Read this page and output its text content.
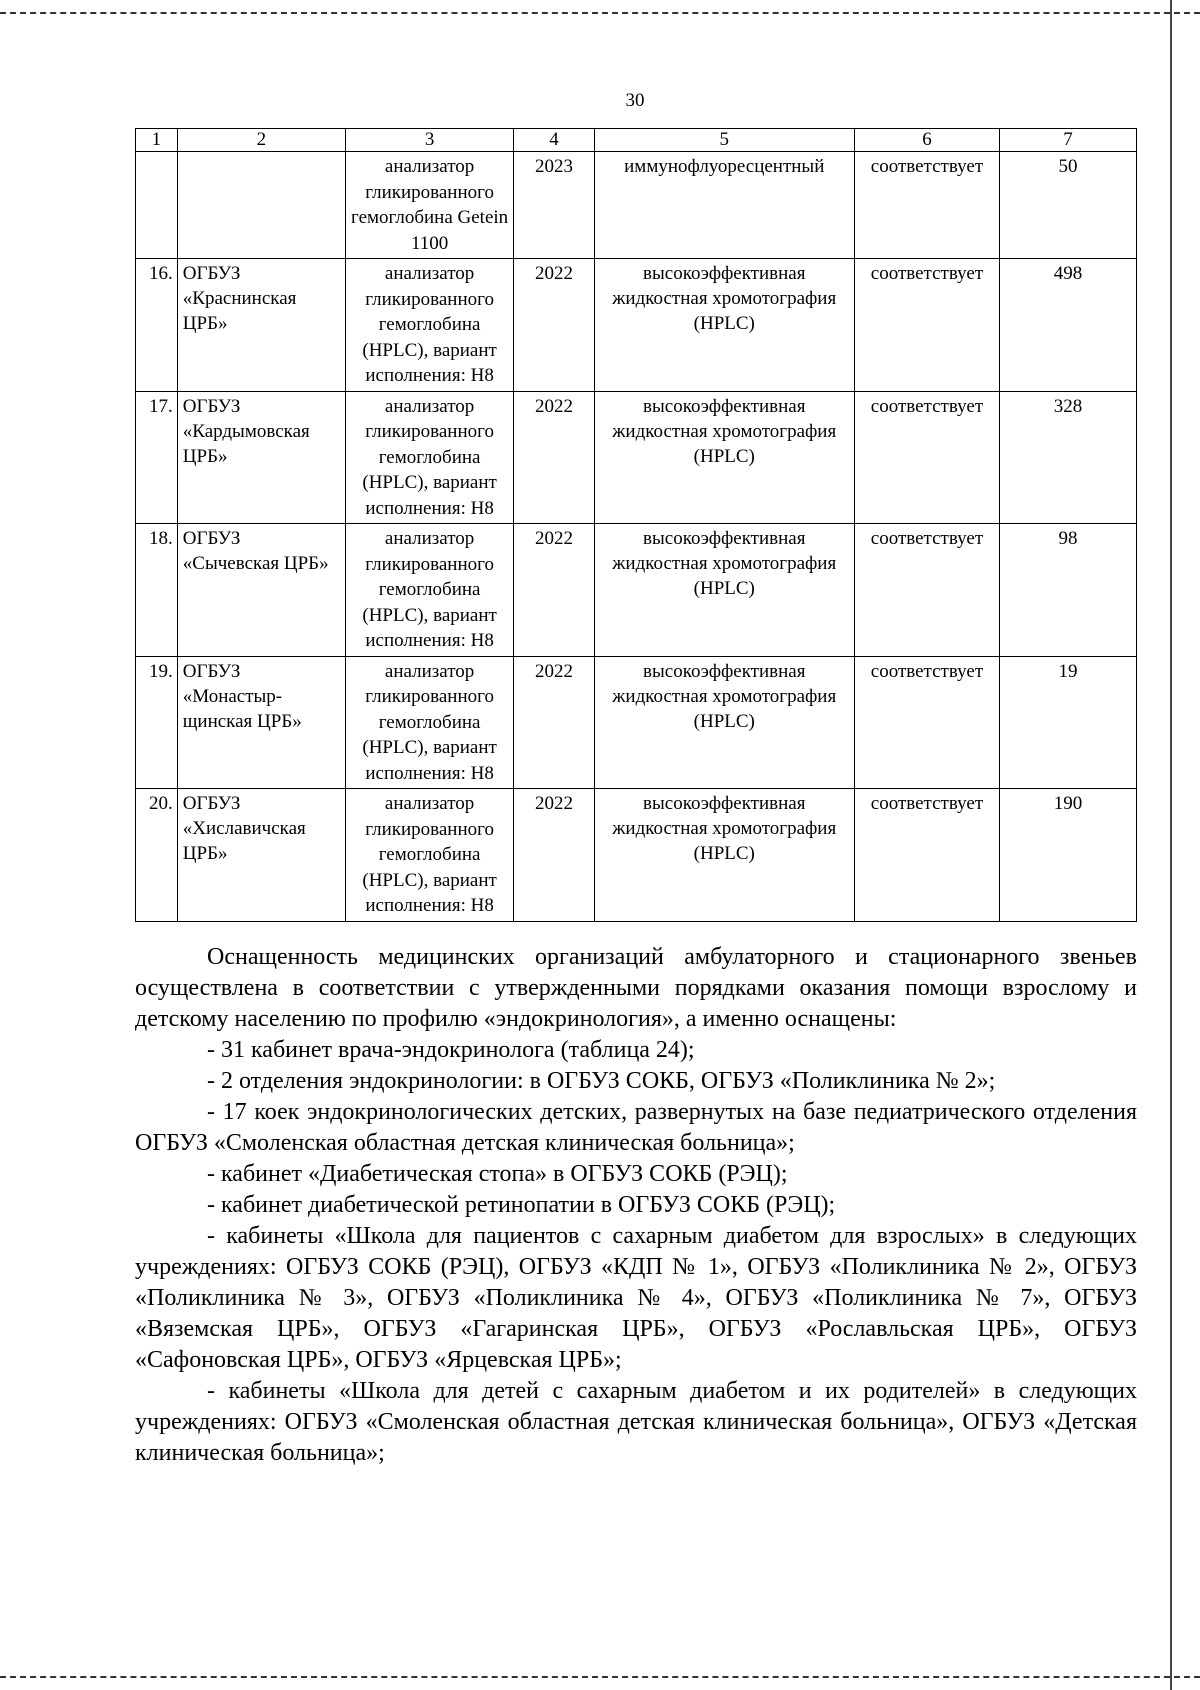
30
1	2	3	4	5	6	7
		анализатор гликированного гемоглобина Getein 1100	2023	иммунофлуоресцентный	соответствует	50
16.	ОГБУЗ «Краснинская ЦРБ»	анализатор гликированного гемоглобина (HPLC), вариант исполнения: H8	2022	высокоэффективная жидкостная хромотография (HPLC)	соответствует	498
17.	ОГБУЗ «Кардымовская ЦРБ»	анализатор гликированного гемоглобина (HPLC), вариант исполнения: H8	2022	высокоэффективная жидкостная хромотография (HPLC)	соответствует	328
18.	ОГБУЗ «Сычевская ЦРБ»	анализатор гликированного гемоглобина (HPLC), вариант исполнения: H8	2022	высокоэффективная жидкостная хромотография (HPLC)	соответствует	98
19.	ОГБУЗ «Монастыр-щинская ЦРБ»	анализатор гликированного гемоглобина (HPLC), вариант исполнения: H8	2022	высокоэффективная жидкостная хромотография (HPLC)	соответствует	19
20.	ОГБУЗ «Хиславичская ЦРБ»	анализатор гликированного гемоглобина (HPLC), вариант исполнения: H8	2022	высокоэффективная жидкостная хромотография (HPLC)	соответствует	190

Оснащенность медицинских организаций амбулаторного и стационарного звеньев осуществлена в соответствии с утвержденными порядками оказания помощи взрослому и детскому населению по профилю «эндокринология», а именно оснащены:

- 31 кабинет врача-эндокринолога (таблица 24);

- 2 отделения эндокринологии: в ОГБУЗ СОКБ, ОГБУЗ «Поликлиника № 2»;

- 17 коек эндокринологических детских, развернутых на базе педиатрического отделения ОГБУЗ «Смоленская областная детская клиническая больница»;

- кабинет «Диабетическая стопа» в ОГБУЗ СОКБ (РЭЦ);

- кабинет диабетической ретинопатии в ОГБУЗ СОКБ (РЭЦ);

- кабинеты «Школа для пациентов с сахарным диабетом для взрослых» в следующих учреждениях: ОГБУЗ СОКБ (РЭЦ), ОГБУЗ «КДП № 1», ОГБУЗ «Поликлиника № 2», ОГБУЗ «Поликлиника № 3», ОГБУЗ «Поликлиника № 4», ОГБУЗ «Поликлиника № 7», ОГБУЗ «Вяземская ЦРБ», ОГБУЗ «Гагаринская ЦРБ», ОГБУЗ «Рославльская ЦРБ», ОГБУЗ «Сафоновская ЦРБ», ОГБУЗ «Ярцевская ЦРБ»;

- кабинеты «Школа для детей с сахарным диабетом и их родителей» в следующих учреждениях: ОГБУЗ «Смоленская областная детская клиническая больница», ОГБУЗ «Детская клиническая больница»;
